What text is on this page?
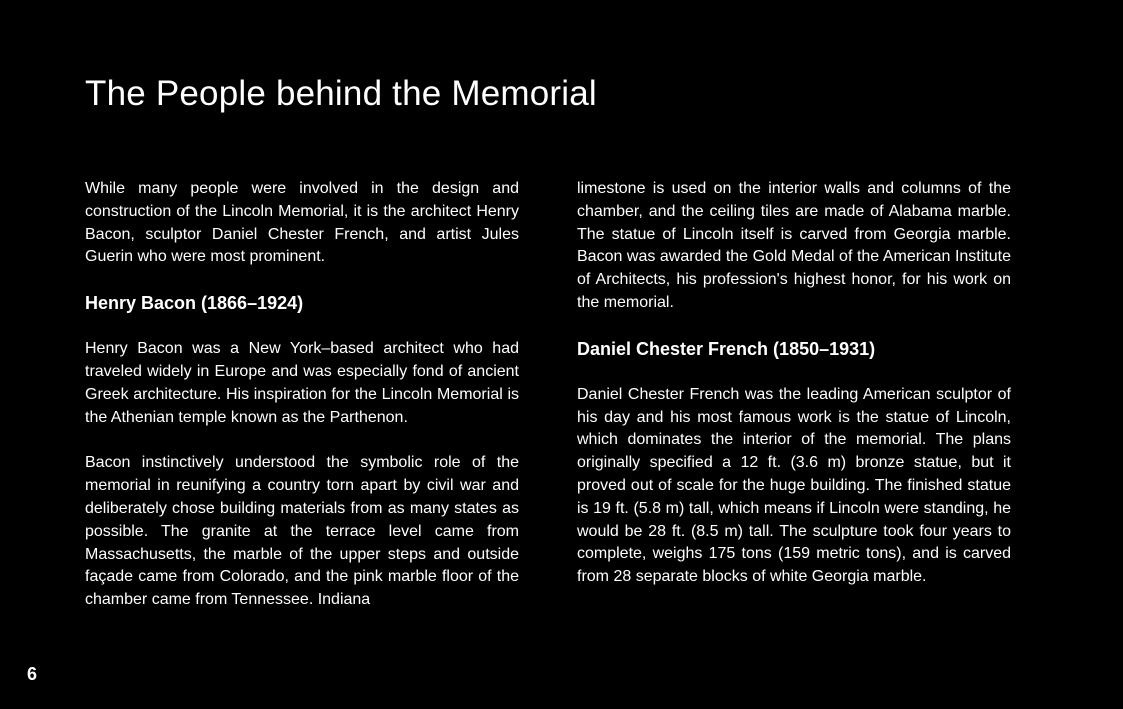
The People behind the Memorial

While many people were involved in the design and construction of the Lincoln Memorial, it is the architect Henry Bacon, sculptor Daniel Chester French, and artist Jules Guerin who were most prominent.

Henry Bacon (1866–1924)

Henry Bacon was a New York–based architect who had traveled widely in Europe and was especially fond of ancient Greek architecture. His inspiration for the Lincoln Memorial is the Athenian temple known as the Parthenon.

Bacon instinctively understood the symbolic role of the memorial in reunifying a country torn apart by civil war and deliberately chose building materials from as many states as possible. The granite at the terrace level came from Massachusetts, the marble of the upper steps and outside façade came from Colorado, and the pink marble floor of the chamber came from Tennessee. Indiana

limestone is used on the interior walls and columns of the chamber, and the ceiling tiles are made of Alabama marble. The statue of Lincoln itself is carved from Georgia marble. Bacon was awarded the Gold Medal of the American Institute of Architects, his profession's highest honor, for his work on the memorial.

Daniel Chester French (1850–1931)

Daniel Chester French was the leading American sculptor of his day and his most famous work is the statue of Lincoln, which dominates the interior of the memorial. The plans originally specified a 12 ft. (3.6 m) bronze statue, but it proved out of scale for the huge building. The finished statue is 19 ft. (5.8 m) tall, which means if Lincoln were standing, he would be 28 ft. (8.5 m) tall. The sculpture took four years to complete, weighs 175 tons (159 metric tons), and is carved from 28 separate blocks of white Georgia marble.

6
